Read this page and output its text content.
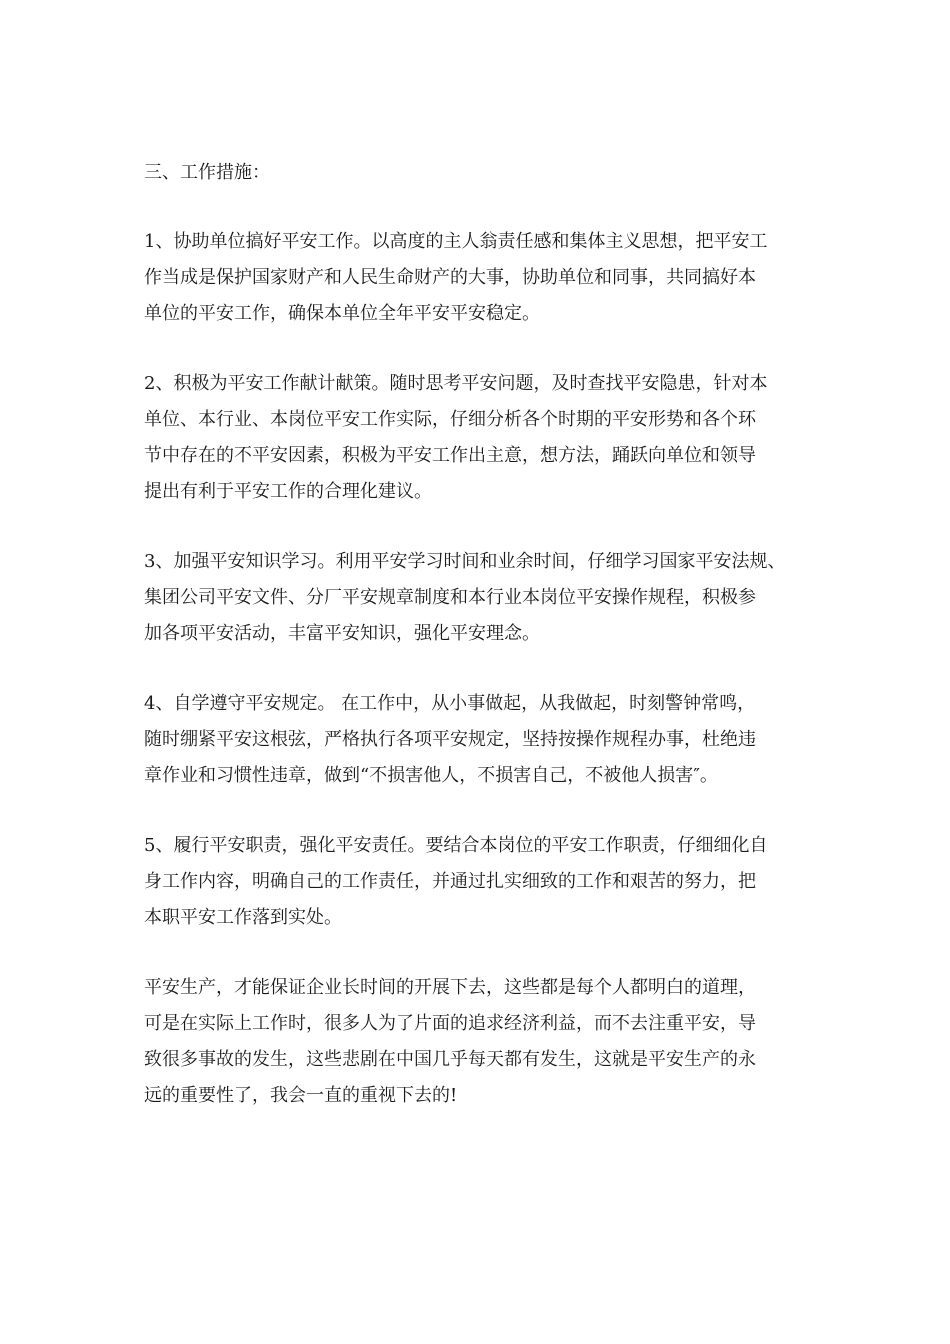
三、工作措施：
1、协助单位搞好平安工作。以高度的主人翁责任感和集体主义思想，把平安工
作当成是保护国家财产和人民生命财产的大事，协助单位和同事，共同搞好本
单位的平安工作，确保本单位全年平安平安稳定。
2、积极为平安工作献计献策。随时思考平安问题，及时查找平安隐患，针对本
单位、本行业、本岗位平安工作实际，仔细分析各个时期的平安形势和各个环
节中存在的不平安因素，积极为平安工作出主意，想方法，踊跃向单位和领导
提出有利于平安工作的合理化建议。
3、加强平安知识学习。利用平安学习时间和业余时间，仔细学习国家平安法规、
集团公司平安文件、分厂平安规章制度和本行业本岗位平安操作规程，积极参
加各项平安活动，丰富平安知识，强化平安理念。
4、自学遵守平安规定。 在工作中，从小事做起，从我做起，时刻警钟常鸣，
随时绷紧平安这根弦，严格执行各项平安规定，坚持按操作规程办事，杜绝违
章作业和习惯性违章，做到“不损害他人，不损害自己，不被他人损害″。
5、履行平安职责，强化平安责任。要结合本岗位的平安工作职责，仔细细化自
身工作内容，明确自己的工作责任，并通过扎实细致的工作和艰苦的努力，把
本职平安工作落到实处。
平安生产，才能保证企业长时间的开展下去，这些都是每个人都明白的道理，
可是在实际上工作时，很多人为了片面的追求经济利益，而不去注重平安，导
致很多事故的发生，这些悲剧在中国几乎每天都有发生，这就是平安生产的永
远的重要性了，我会一直的重视下去的!
